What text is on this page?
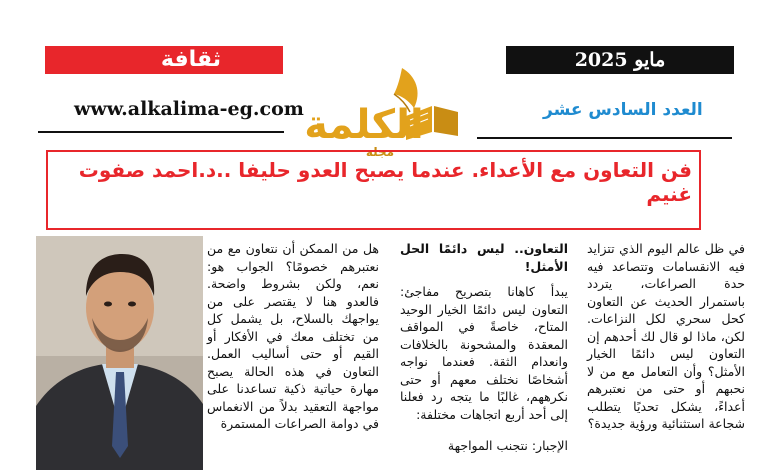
ثقافة	مايو 2025
www.alkalima-eg.com	العدد السادس عشر
الكلمة
مجلة
فن التعاون مع الأعداء. عندما يصبح العدو حليفا ..د.احمد صفوت غنيم

في ظل عالم اليوم الذي تتزايد فيه الانقسامات وتتصاعد فيه حدة الصراعات، يتردد باستمرار الحديث عن التعاون كحل سحري لكل النزاعات. لكن، ماذا لو قال لك أحدهم إن التعاون ليس دائمًا الخيار الأمثل؟ وأن التعامل مع من لا نحبهم أو حتى من نعتبرهم أعداءً، يشكل تحديًا يتطلب شجاعة استثنائية ورؤية جديدة؟

التعاون.. ليس دائمًا الحل الأمثل!

يبدأ كاهانا بتصريح مفاجئ: التعاون ليس دائمًا الخيار الوحيد المتاح، خاصةً في المواقف المعقدة والمشحونة بالخلافات وانعدام الثقة. فعندما نواجه أشخاصًا نختلف معهم أو حتى نكرههم، غالبًا ما يتجه رد فعلنا إلى أحد أربع اتجاهات مختلفة:

الإجبار: نتجنب المواجهة

هل من الممكن أن نتعاون مع من نعتبرهم خصومًا؟ الجواب هو: نعم، ولكن بشروط واضحة. فالعدو هنا لا يقتصر على من يواجهك بالسلاح، بل يشمل كل من تختلف معك في الأفكار أو القيم أو حتى أساليب العمل. التعاون في هذه الحالة يصبح مهارة حياتية ذكية تساعدنا على مواجهة التعقيد بدلاً من الانغماس في دوامة الصراعات المستمرة
